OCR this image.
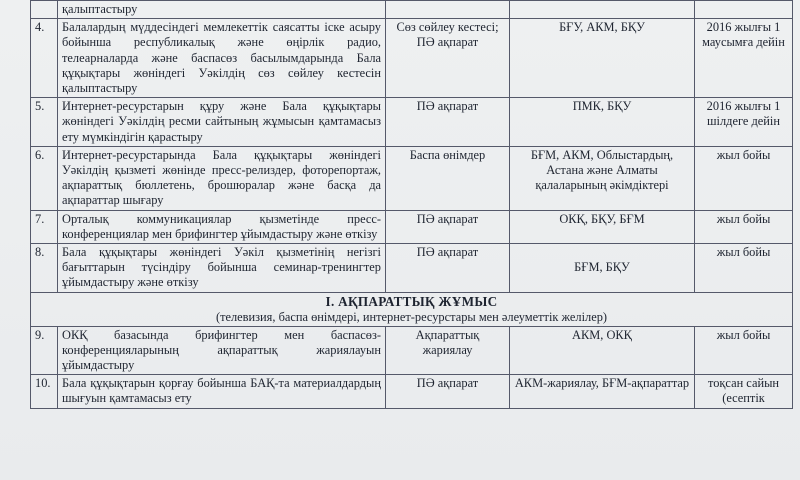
	қалыптастыру			
4.	Балалардың мүддесіндегі мемлекеттік саясатты іске асыру бойынша республикалық және өңірлік радио, телеарналарда және баспасөз басылымдарында Бала құқықтары жөніндегі Уәкілдің сөз сөйлеу кестесін қалыптастыру	Сөз сөйлеу кестесі; ПӘ ақпарат	БҒУ, АКМ, БҚУ	2016 жылғы 1 маусымға дейін
5.	Интернет-ресурстарын құру және Бала құқықтары жөніндегі Уәкілдің ресми сайтының жұмысын қамтамасыз ету мүмкіндігін қарастыру	ПӘ ақпарат	ПМК, БҚУ	2016 жылғы 1 шілдеге дейін
6.	Интернет-ресурстарында Бала құқықтары жөніндегі Уәкілдің қызметі жөнінде пресс-релиздер, фоторепортаж, ақпараттық бюллетень, брошюралар және басқа да ақпараттар шығару	Баспа өнімдер	БҒМ, АКМ, Облыстардың, Астана және Алматы қалаларының әкімдіктері	жыл бойы
7.	Орталық коммуникациялар қызметінде пресс-конференциялар мен брифингтер ұйымдастыру және өткізу	ПӘ ақпарат	ОКҚ, БҚУ, БҒМ	жыл бойы
8.	Бала құқықтары жөніндегі Уәкіл қызметінің негізгі бағыттарын түсіндіру бойынша семинар-тренингтер ұйымдастыру және өткізу	ПӘ ақпарат	БҒМ, БҚУ	жыл бойы

І. АҚПАРАТТЫҚ ЖҰМЫС
(телевизия, баспа өнімдері, интернет-ресурстары мен әлеуметтік желілер)				

9.	ОКҚ базасында брифингтер мен баспасөз-конференцияларының ақпараттық жариялауын ұйымдастыру	Ақпараттық жариялау	АКМ, ОКҚ	жыл бойы
10.	Бала құқықтарын қорғау бойынша БАҚ-та материалдардың шығуын қамтамасыз ету	ПӘ ақпарат	АКМ-жариялау, БҒМ-ақпараттар	тоқсан сайын (есептік
